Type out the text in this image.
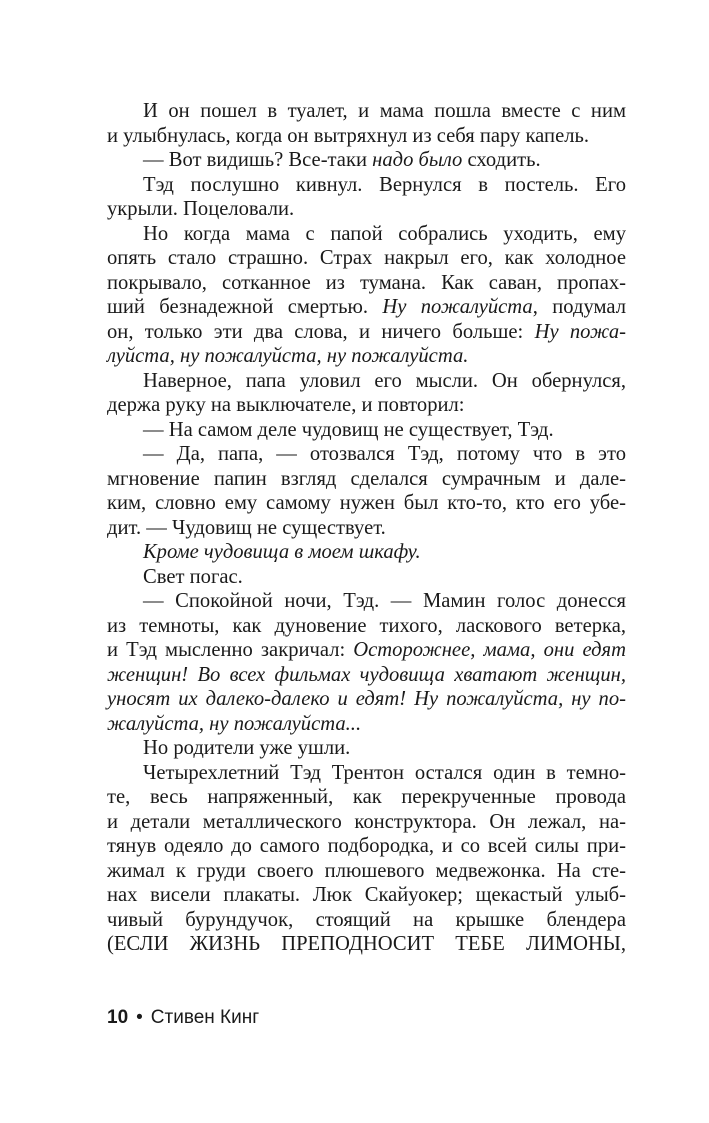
И он пошел в туалет, и мама пошла вместе с ним
и улыбнулась, когда он вытряхнул из себя пару капель.
— Вот видишь? Все-таки надо было сходить.
Тэд послушно кивнул. Вернулся в постель. Его
укрыли. Поцеловали.
Но когда мама с папой собрались уходить, ему
опять стало страшно. Страх накрыл его, как холодное
покрывало, сотканное из тумана. Как саван, пропах-
ший безнадежной смертью. Ну пожалуйста, подумал
он, только эти два слова, и ничего больше: Ну пожа-
луйста, ну пожалуйста, ну пожалуйста.
Наверное, папа уловил его мысли. Он обернулся,
держа руку на выключателе, и повторил:
— На самом деле чудовищ не существует, Тэд.
— Да, папа, — отозвался Тэд, потому что в это
мгновение папин взгляд сделался сумрачным и дале-
ким, словно ему самому нужен был кто-то, кто его убе-
дит. — Чудовищ не существует.
Кроме чудовища в моем шкафу.
Свет погас.
— Спокойной ночи, Тэд. — Мамин голос донесся
из темноты, как дуновение тихого, ласкового ветерка,
и Тэд мысленно закричал: Осторожнее, мама, они едят
женщин! Во всех фильмах чудовища хватают женщин,
уносят их далеко-далеко и едят! Ну пожалуйста, ну по-
жалуйста, ну пожалуйста...
Но родители уже ушли.
Четырехлетний Тэд Трентон остался один в темно-
те, весь напряженный, как перекрученные провода
и детали металлического конструктора. Он лежал, на-
тянув одеяло до самого подбородка, и со всей силы при-
жимал к груди своего плюшевого медвежонка. На сте-
нах висели плакаты. Люк Скайуокер; щекастый улыб-
чивый бурундучок, стоящий на крышке блендера
(ЕСЛИ ЖИЗНЬ ПРЕПОДНОСИТ ТЕБЕ ЛИМОНЫ,
10 • Стивен Кинг
